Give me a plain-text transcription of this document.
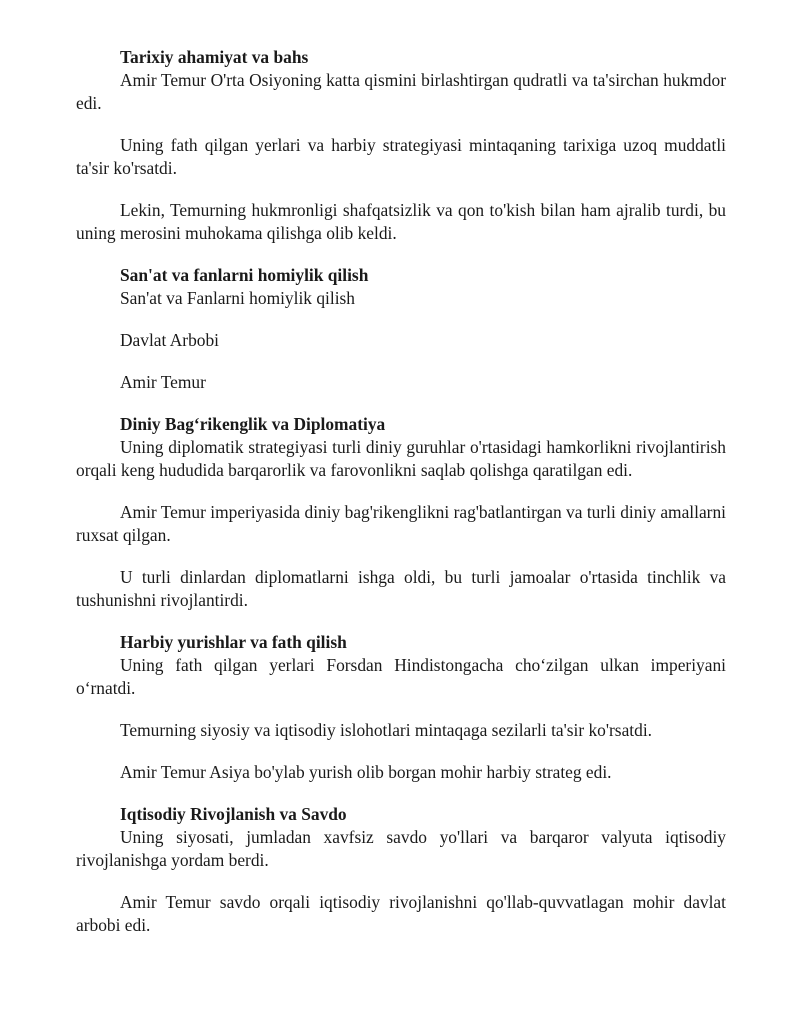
Tarixiy ahamiyat va bahs

Amir Temur O'rta Osiyoning katta qismini birlashtirgan qudratli va ta'sirchan hukmdor edi.

Uning fath qilgan yerlari va harbiy strategiyasi mintaqaning tarixiga uzoq muddatli ta'sir ko'rsatdi.

Lekin, Temurning hukmronligi shafqatsizlik va qon to'kish bilan ham ajralib turdi, bu uning merosini muhokama qilishga olib keldi.

San'at va fanlarni homiylik qilish

San'at va Fanlarni homiylik qilish

Davlat Arbobi

Amir Temur

Diniy Bag‘rikenglik va Diplomatiya

Uning diplomatik strategiyasi turli diniy guruhlar o'rtasidagi hamkorlikni rivojlantirish orqali keng hududida barqarorlik va farovonlikni saqlab qolishga qaratilgan edi.

Amir Temur imperiyasida diniy bag'rikenglikni rag'batlantirgan va turli diniy amallarni ruxsat qilgan.

U turli dinlardan diplomatlarni ishga oldi, bu turli jamoalar o'rtasida tinchlik va tushunishni rivojlantirdi.

Harbiy yurishlar va fath qilish

Uning fath qilgan yerlari Forsdan Hindistongacha cho‘zilgan ulkan imperiyani o‘rnatdi.

Temurning siyosiy va iqtisodiy islohotlari mintaqaga sezilarli ta'sir ko'rsatdi.

Amir Temur Asiya bo'ylab yurish olib borgan mohir harbiy strateg edi.

Iqtisodiy Rivojlanish va Savdo

Uning siyosati, jumladan xavfsiz savdo yo'llari va barqaror valyuta iqtisodiy rivojlanishga yordam berdi.

Amir Temur savdo orqali iqtisodiy rivojlanishni qo'llab-quvvatlagan mohir davlat arbobi edi.
